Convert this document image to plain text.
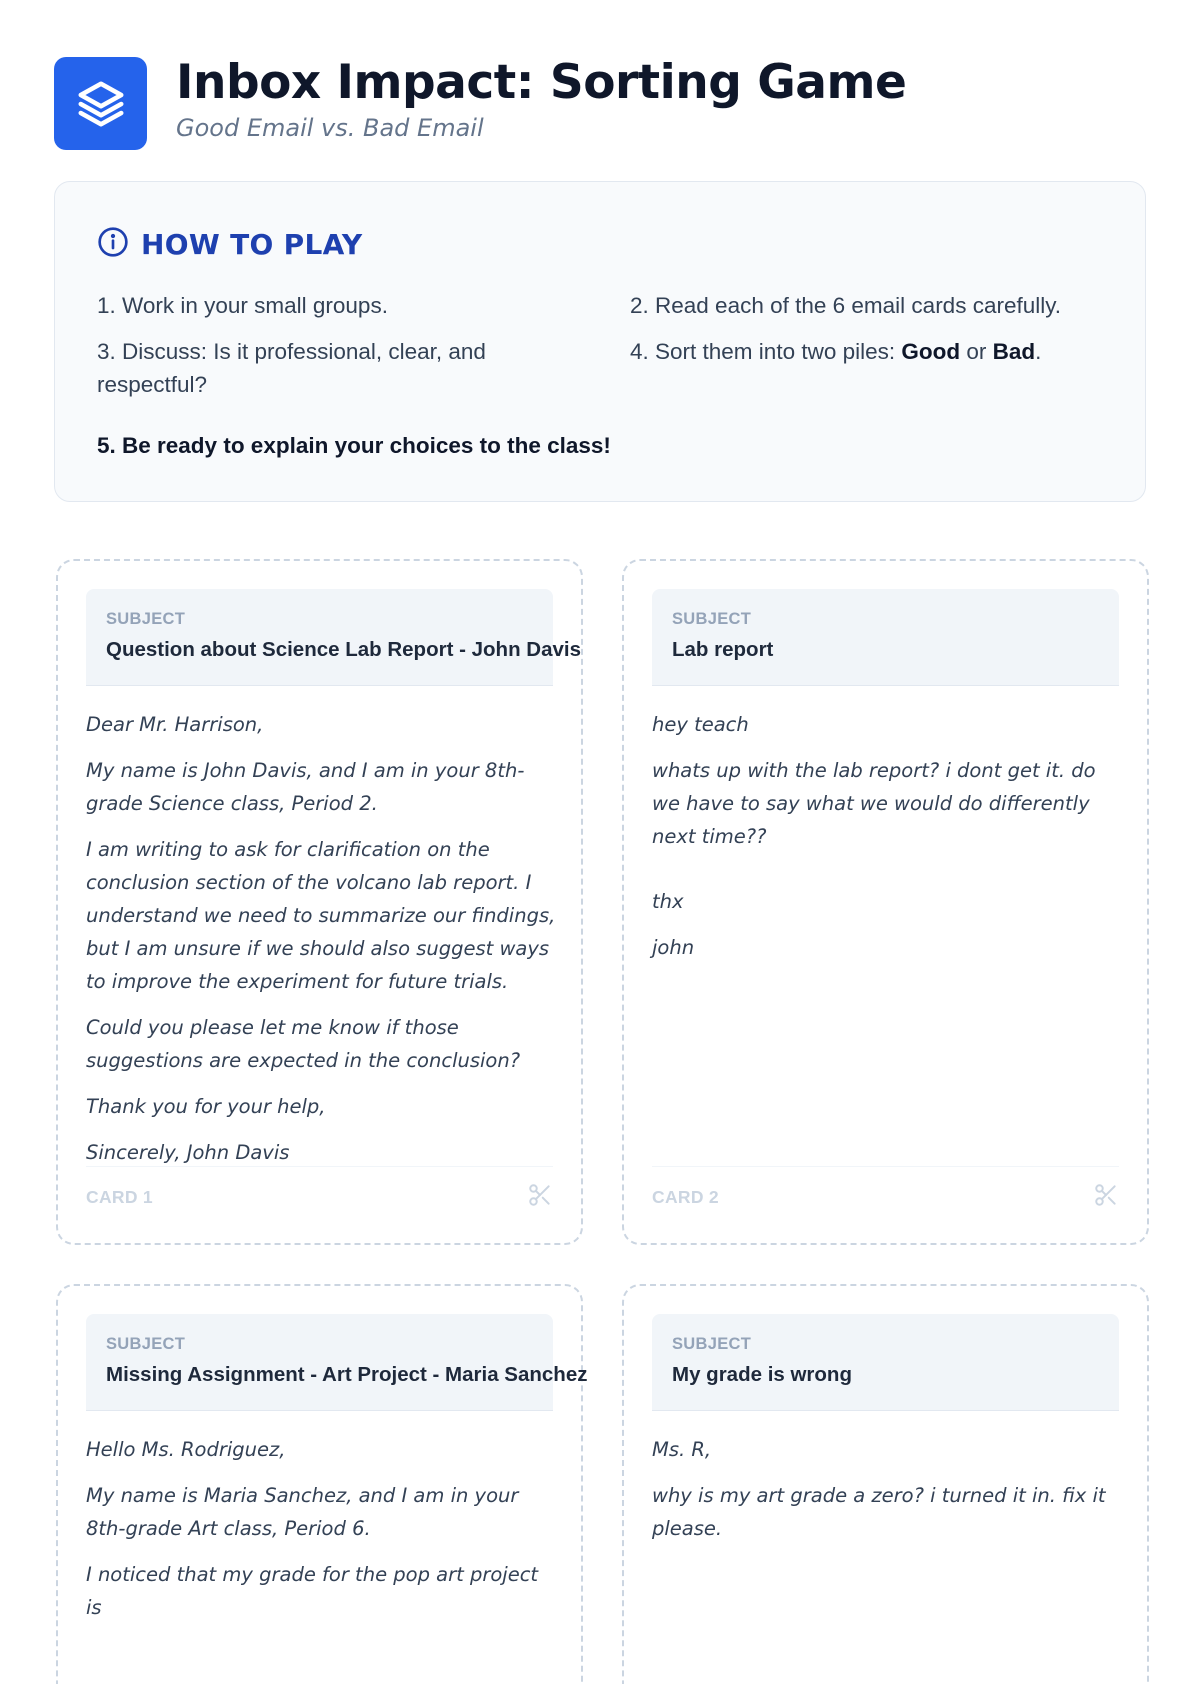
Inbox Impact: Sorting Game
Good Email vs. Bad Email
HOW TO PLAY
1. Work in your small groups.	2. Read each of the 6 email cards carefully.
3. Discuss: Is it professional, clear, and respectful?
4. Sort them into two piles: Good or Bad.
5. Be ready to explain your choices to the class!
SUBJECT
Question about Science Lab Report - John Davis

Dear Mr. Harrison,

My name is John Davis, and I am in your 8th-grade Science class, Period 2.

I am writing to ask for clarification on the conclusion section of the volcano lab report. I understand we need to summarize our findings, but I am unsure if we should also suggest ways to improve the experiment for future trials.

Could you please let me know if those suggestions are expected in the conclusion?

Thank you for your help,

Sincerely, John Davis

CARD 1
SUBJECT
Lab report

hey teach

whats up with the lab report? i dont get it. do we have to say what we would do differently next time??

thx

john

CARD 2
SUBJECT
Missing Assignment - Art Project - Maria Sanchez

Hello Ms. Rodriguez,

My name is Maria Sanchez, and I am in your 8th-grade Art class, Period 6.

I noticed that my grade for the pop art project is

SUBJECT
My grade is wrong

Ms. R,

why is my art grade a zero? i turned it in. fix it please.
